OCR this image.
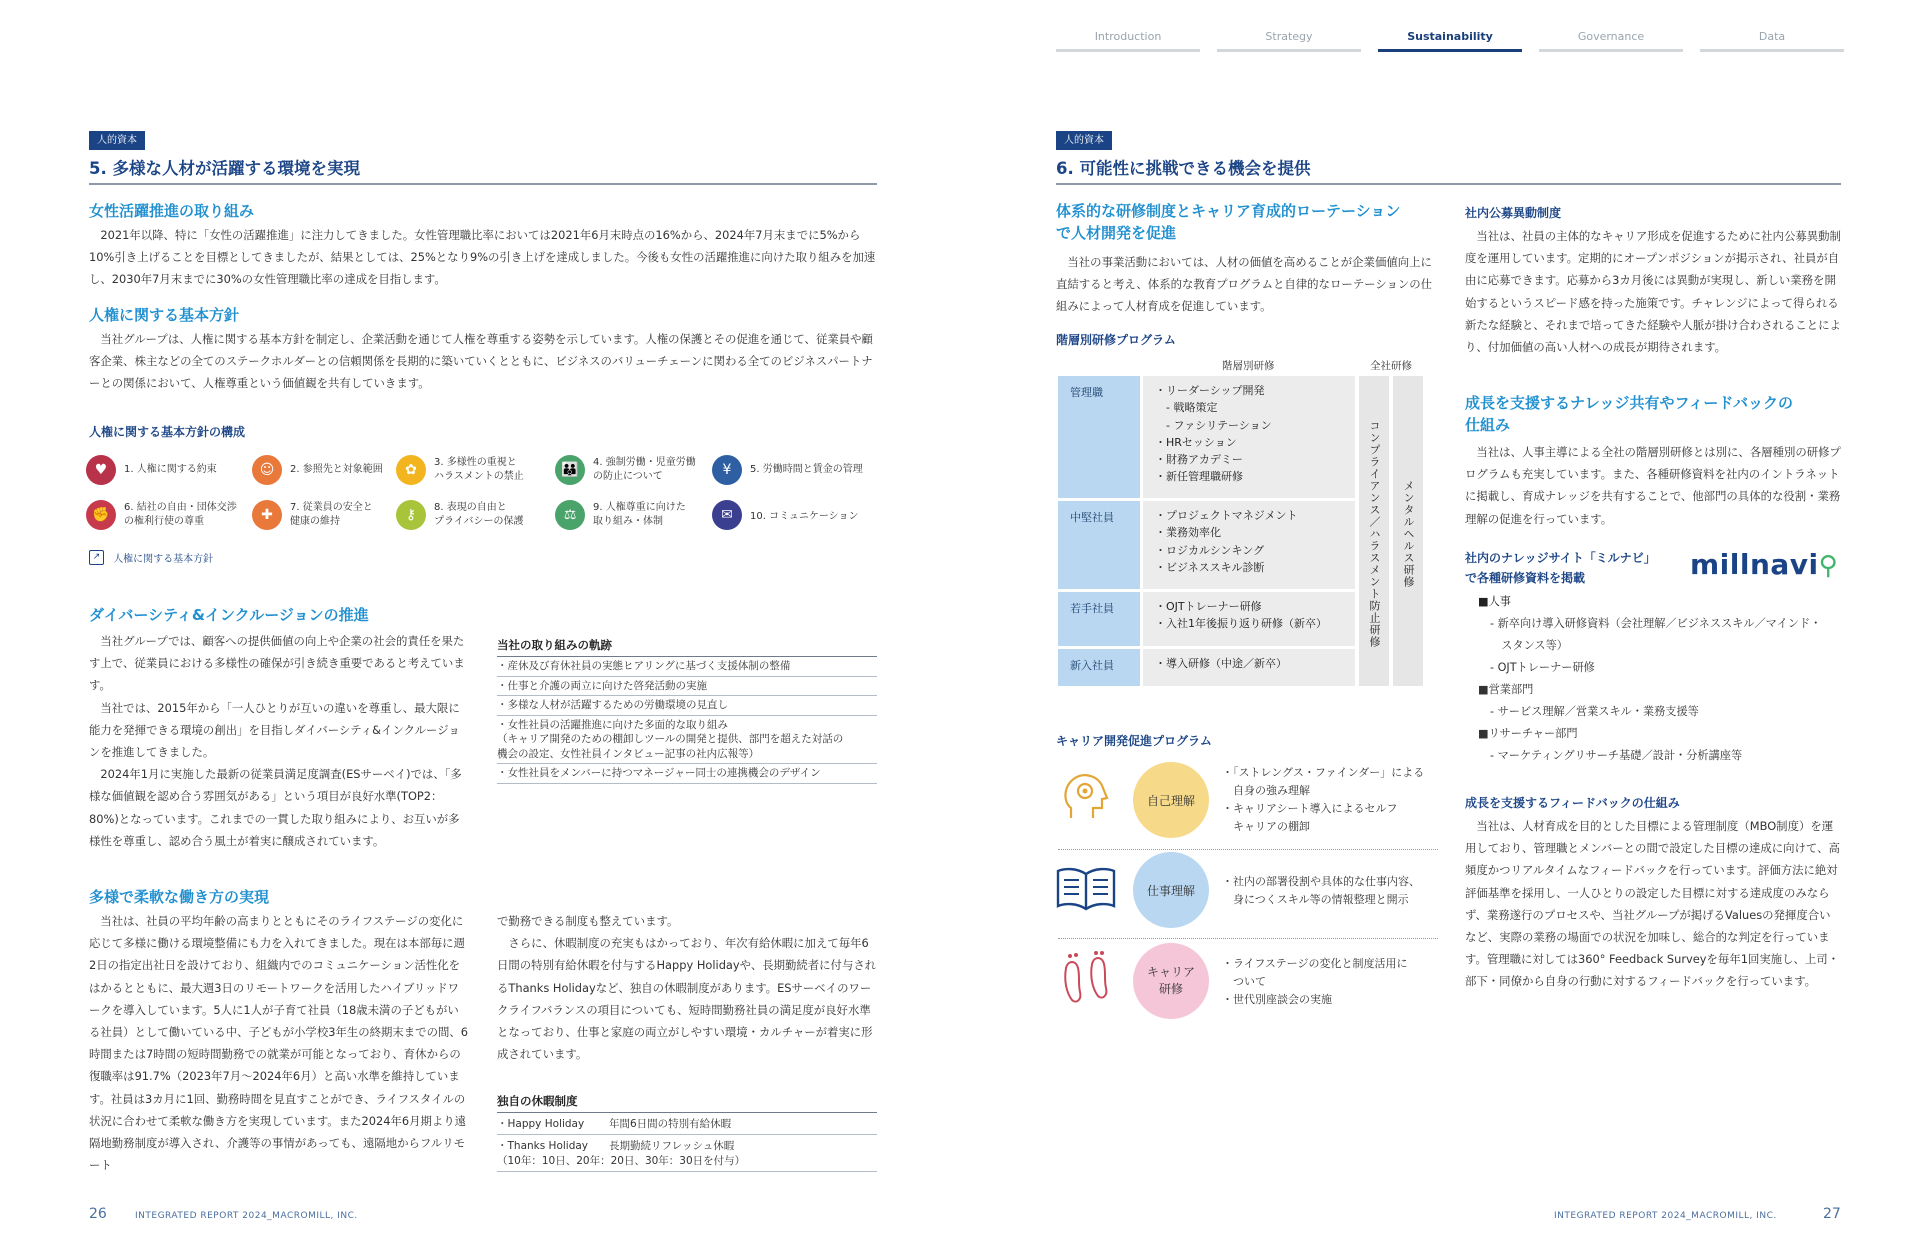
Introduction	Strategy	Sustainability	Governance	Data
人的資本
5. 多様な人材が活躍する環境を実現
女性活躍推進の取り組み

2021年以降、特に「女性の活躍推進」に注力してきました。女性管理職比率においては2021年6月末時点の16%から、2024年7月末までに5%から10%引き上げることを目標としてきましたが、結果としては、25%となり9%の引き上げを達成しました。今後も女性の活躍推進に向けた取り組みを加速し、2030年7月末までに30%の女性管理職比率の達成を目指します。

人権に関する基本方針

当社グループは、人権に関する基本方針を制定し、企業活動を通じて人権を尊重する姿勢を示しています。人権の保護とその促進を通じて、従業員や顧客企業、株主などの全てのステークホルダーとの信頼関係を長期的に築いていくとともに、ビジネスのバリューチェーンに関わる全てのビジネスパートナーとの関係において、人権尊重という価値観を共有していきます。

人権に関する基本方針の構成
♥	1. 人権に関する約束	☺	2. 参照先と対象範囲	✿	3. 多様性の重視と
ハラスメントの禁止	👪	4. 強制労働・児童労働
の防止について	¥	5. 労働時間と賃金の管理
✊	6. 結社の自由・団体交渉
の権利行使の尊重	✚	7. 従業員の安全と
健康の維持	⚷	8. 表現の自由と
プライバシーの保護	⚖	9. 人権尊重に向けた
取り組み・体制	✉	10. コミュニケーション
↗ 人権に関する基本方針
ダイバーシティ&インクルージョンの推進

当社グループでは、顧客への提供価値の向上や企業の社会的責任を果たす上で、従業員における多様性の確保が引き続き重要であると考えています。

当社では、2015年から「一人ひとりが互いの違いを尊重し、最大限に能力を発揮できる環境の創出」を目指しダイバーシティ&インクルージョンを推進してきました。

2024年1月に実施した最新の従業員満足度調査(ESサーベイ)では、「多様な価値観を認め合う雰囲気がある」という項目が良好水準(TOP2：80%)となっています。これまでの一貫した取り組みにより、お互いが多様性を尊重し、認め合う風土が着実に醸成されています。

当社の取り組みの軌跡
・産休及び育休社員の実態ヒアリングに基づく支援体制の整備
・仕事と介護の両立に向けた啓発活動の実施
・多様な人材が活躍するための労働環境の見直し
・女性社員の活躍推進に向けた多面的な取り組み
（キャリア開発のための棚卸しツールの開発と提供、部門を超えた対話の
機会の設定、女性社員インタビュー記事の社内広報等）
・女性社員をメンバーに持つマネージャー同士の連携機会のデザイン
多様で柔軟な働き方の実現

当社は、社員の平均年齢の高まりとともにそのライフステージの変化に応じて多様に働ける環境整備にも力を入れてきました。現在は本部毎に週2日の指定出社日を設けており、組織内でのコミュニケーション活性化をはかるとともに、最大週3日のリモートワークを活用したハイブリッドワークを導入しています。5人に1人が子育て社員（18歳未満の子どもがいる社員）として働いている中、子どもが小学校3年生の終期末までの間、6時間または7時間の短時間勤務での就業が可能となっており、育休からの復職率は91.7%（2023年7月〜2024年6月）と高い水準を維持しています。社員は3カ月に1回、勤務時間を見直すことができ、ライフスタイルの状況に合わせて柔軟な働き方を実現しています。また2024年6月期より遠隔地勤務制度が導入され、介護等の事情があっても、遠隔地からフルリモート

で勤務できる制度も整えています。

さらに、休暇制度の充実もはかっており、年次有給休暇に加えて毎年6日間の特別有給休暇を付与するHappy Holidayや、長期勤続者に付与されるThanks Holidayなど、独自の休暇制度があります。ESサーベイのワークライフバランスの項目についても、短時間勤務社員の満足度が良好水準となっており、仕事と家庭の両立がしやすい環境・カルチャーが着実に形成されています。

独自の休暇制度
・Happy Holiday	年間6日間の特別有給休暇
・Thanks Holiday	長期勤続リフレッシュ休暇
（10年：10日、20年：20日、30年：30日を付与）
26	INTEGRATED REPORT 2024_MACROMILL, INC.
人的資本
6. 可能性に挑戦できる機会を提供
体系的な研修制度とキャリア育成的ローテーション
で人材開発を促進

当社の事業活動においては、人材の価値を高めることが企業価値向上に直結すると考え、体系的な教育プログラムと自律的なローテーションの仕組みによって人材育成を促進しています。

階層別研修プログラム
階層別研修	全社研修
管理職	・リーダーシップ開発
　- 戦略策定
　- ファシリテーション
・HRセッション
・財務アカデミー
・新任管理職研修
中堅社員	・プロジェクトマネジメント
・業務効率化
・ロジカルシンキング
・ビジネススキル診断
若手社員	・OJTトレーナー研修
・入社1年後振り返り研修（新卒）
新入社員	・導入研修（中途／新卒）
コンプライアンス／ハラスメント防止研修 メンタルヘルス研修
キャリア開発促進プログラム
自己理解
・「ストレングス・ファインダー」による
　自身の強み理解
・キャリアシート導入によるセルフ
　キャリアの棚卸
仕事理解
・社内の部署役割や具体的な仕事内容、
　身につくスキル等の情報整理と開示
キャリア
研修
・ライフステージの変化と制度活用に
　ついて
・世代別座談会の実施
社内公募異動制度

当社は、社員の主体的なキャリア形成を促進するために社内公募異動制度を運用しています。定期的にオープンポジションが掲示され、社員が自由に応募できます。応募から3カ月後には異動が実現し、新しい業務を開始するというスピード感を持った施策です。チャレンジによって得られる新たな経験と、それまで培ってきた経験や人脈が掛け合わされることにより、付加価値の高い人材への成長が期待されます。

成長を支援するナレッジ共有やフィードバックの
仕組み

当社は、人事主導による全社の階層別研修とは別に、各層種別の研修プログラムも充実しています。また、各種研修資料を社内のイントラネットに掲載し、育成ナレッジを共有することで、他部門の具体的な役割・業務理解の促進を行っています。

社内のナレッジサイト「ミルナビ」
で各種研修資料を掲載	millnavi⚲
■人事
- 新卒向け導入研修資料（会社理解／ビジネススキル／マインド・
　スタンス等）
- OJTトレーナー研修
■営業部門
- サービス理解／営業スキル・業務支援等
■リサーチャー部門
- マーケティングリサーチ基礎／設計・分析講座等
成長を支援するフィードバックの仕組み

当社は、人材育成を目的とした目標による管理制度（MBO制度）を運用しており、管理職とメンバーとの間で設定した目標の達成に向けて、高頻度かつリアルタイムなフィードバックを行っています。評価方法に絶対評価基準を採用し、一人ひとりの設定した目標に対する達成度のみならず、業務遂行のプロセスや、当社グループが掲げるValuesの発揮度合いなど、実際の業務の場面での状況を加味し、総合的な判定を行っています。管理職に対しては360° Feedback Surveyを毎年1回実施し、上司・部下・同僚から自身の行動に対するフィードバックを行っています。

INTEGRATED REPORT 2024_MACROMILL, INC.	27
